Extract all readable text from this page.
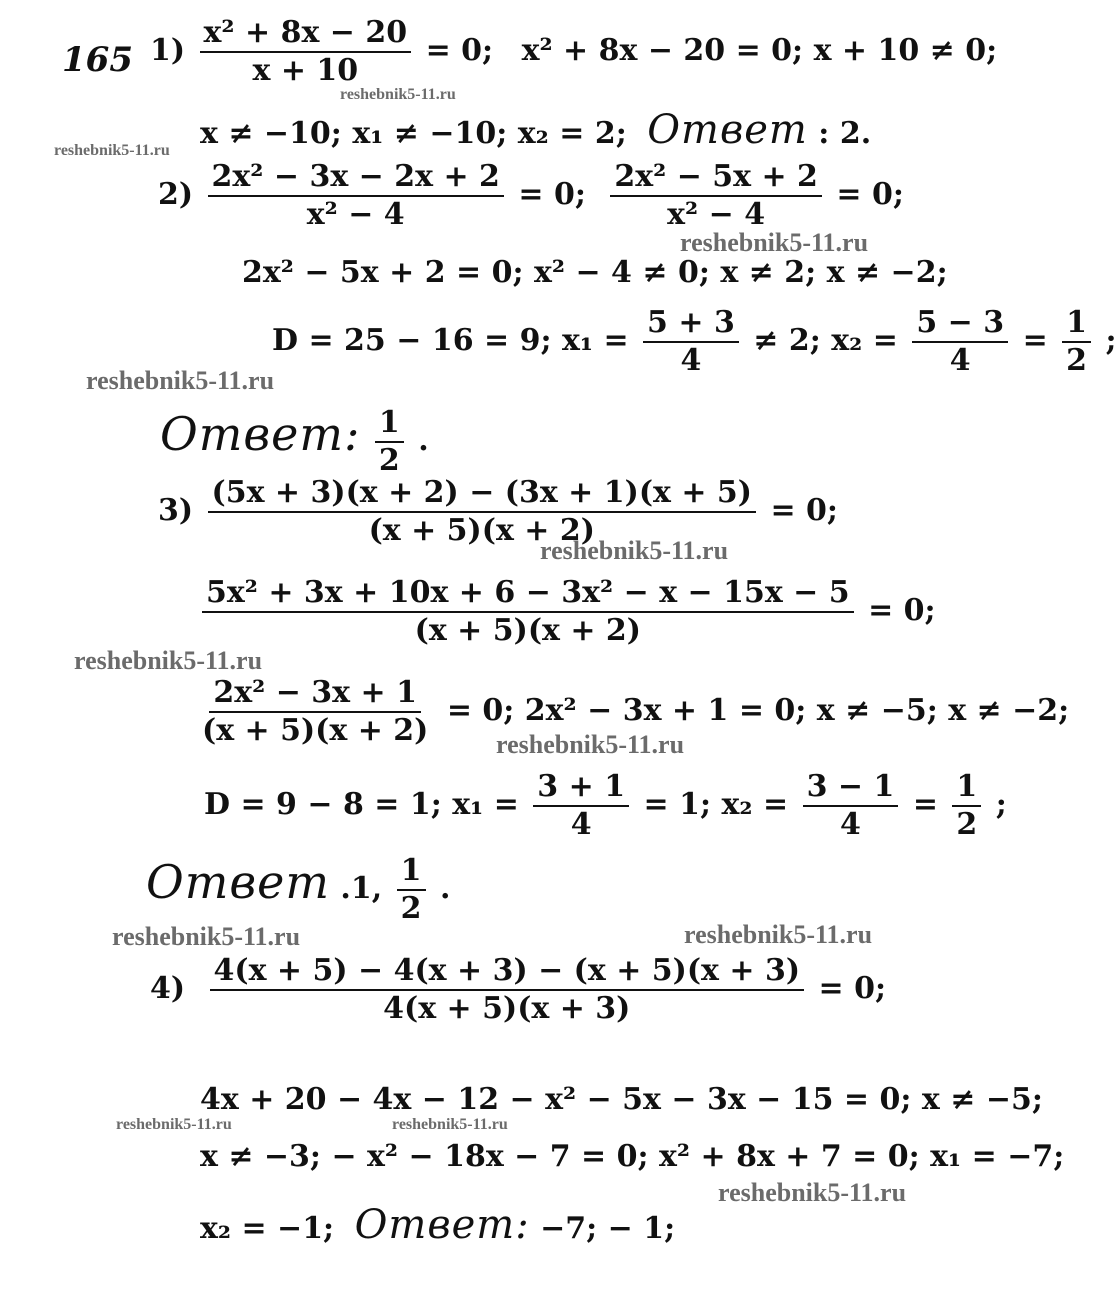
165 $1) \frac{\text{x² + 8x − 20}}{x + 10} = 0$; x² + 8x − 20 = 0; x + 10 ≠ 0;
x ≠ −10; x₁ ≠ −10; x₂ = 2; Ответ : 2.
$2) \frac{\text{2x² − 3x − 2x + 2}}{\text{x² − 4}} = 0$; $\frac{\text{2x² − 5x + 2}}{\text{x² − 4}} = 0$;
2x² − 5x + 2 = 0; x² − 4 ≠ 0; x ≠ 2; x ≠ −2;
D = 25 − 16 = 9; $x_1 = \frac{5 + 3}{4} \ne 2$; $x_2 = \frac{5 - 3}{4} = \frac{1}{2}$ ;
Ответ: $\frac{1}{2}$ .
$3) \frac{(5x + 3)(x + 2) - (3x + 1)(x + 5)}{(x + 5)(x + 2)} = 0$;
$\frac{\text{5x² + 3x + 10x + 6 − 3x² − x − 15x − 5}}{(x + 5)(x + 2)} = 0$;
$\frac{\text{2x² − 3x + 1}}{(x + 5)(x + 2)} = 0$; 2x² − 3x + 1 = 0; x ≠ −5; x ≠ −2;
D = 9 − 8 = 1; $x_1 = \frac{3 + 1}{4} = 1$; $x_2 = \frac{3 - 1}{4} = \frac{1}{2}$ ;
Ответ .1, $\frac{1}{2}$ .
$4) \frac{4(x + 5) - 4(x + 3) - (x + 5)(x + 3)}{4(x + 5)(x + 3)} = 0$;
4x + 20 − 4x − 12 − x² − 5x − 3x − 15 = 0; x ≠ −5;
x ≠ −3; − x² − 18x − 7 = 0; x² + 8x + 7 = 0; x₁ = −7;
x₂ = −1; Ответ: −7; − 1;
reshebnik5-11.ru
reshebnik5-11.ru
reshebnik5-11.ru
reshebnik5-11.ru
reshebnik5-11.ru
reshebnik5-11.ru
reshebnik5-11.ru
reshebnik5-11.ru	reshebnik5-11.ru
reshebnik5-11.ru	reshebnik5-11.ru
reshebnik5-11.ru
